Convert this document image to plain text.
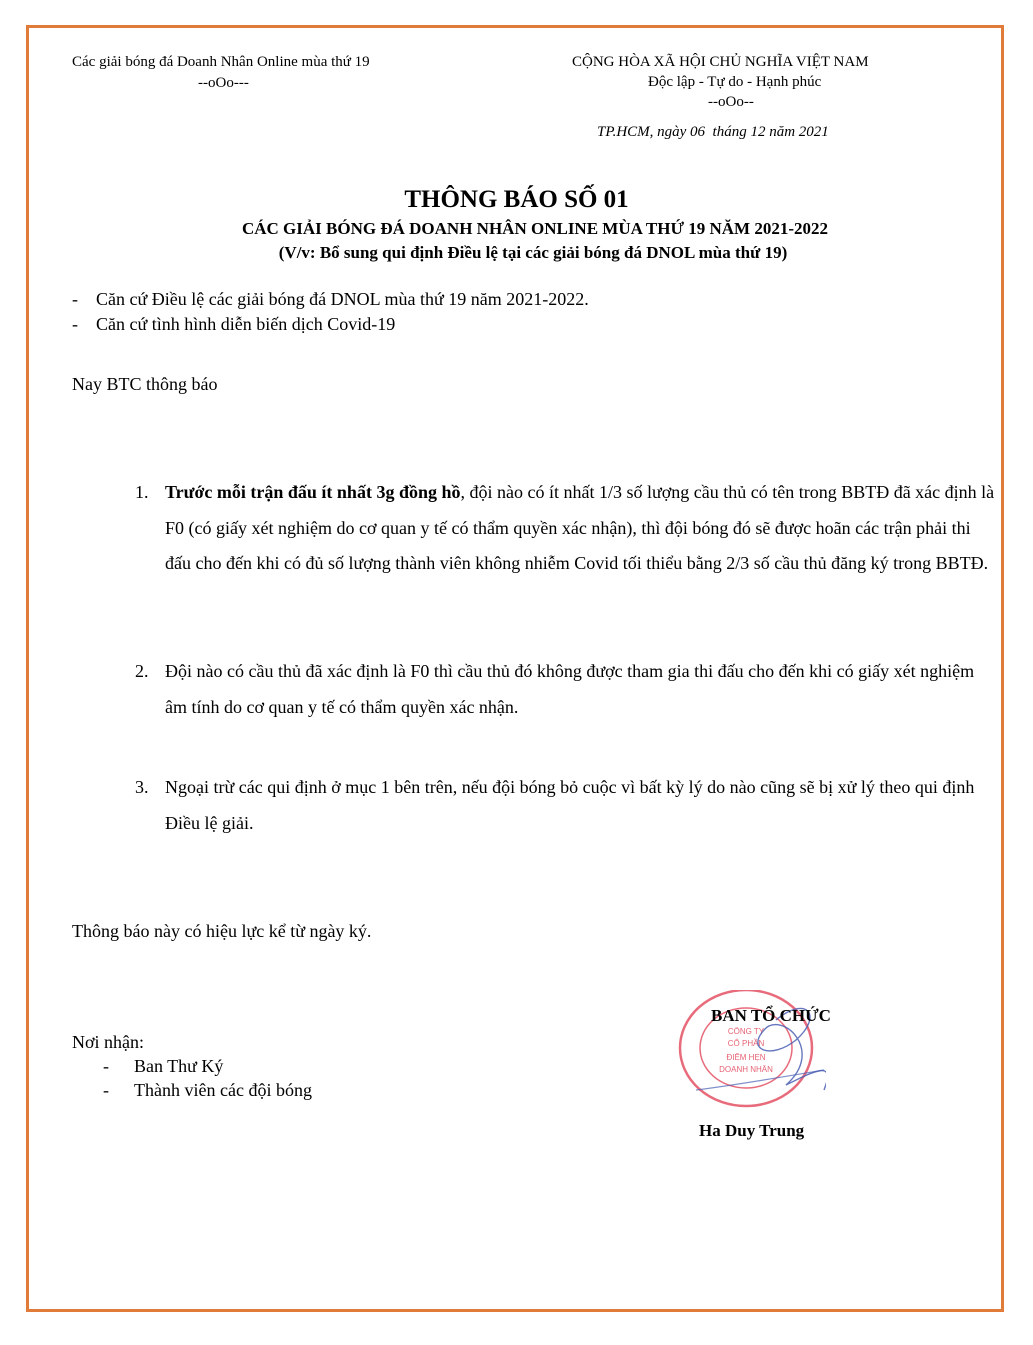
Các giải bóng đá Doanh Nhân Online mùa thứ 19
--oOo---
CỘNG HÒA XÃ HỘI CHỦ NGHĨA VIỆT NAM
Độc lập - Tự do - Hạnh phúc
--oOo--
TP.HCM, ngày 06  tháng 12 năm 2021
THÔNG BÁO SỐ 01
CÁC GIẢI BÓNG ĐÁ DOANH NHÂN ONLINE MÙA THỨ 19 NĂM 2021-2022
(V/v: Bổ sung qui định Điều lệ tại các giải bóng đá DNOL mùa thứ 19)
- Căn cứ Điều lệ các giải bóng đá DNOL mùa thứ 19 năm 2021-2022.
- Căn cứ tình hình diễn biến dịch Covid-19
Nay BTC thông báo
1. Trước mỗi trận đấu ít nhất 3g đồng hồ, đội nào có ít nhất 1/3 số lượng cầu thủ có tên trong BBTĐ đã xác định là F0 (có giấy xét nghiệm do cơ quan y tế có thẩm quyền xác nhận), thì đội bóng đó sẽ được hoãn các trận phải thi đấu cho đến khi có đủ số lượng thành viên không nhiễm Covid tối thiểu bằng 2/3 số cầu thủ đăng ký trong BBTĐ.
2. Đội nào có cầu thủ đã xác định là F0 thì cầu thủ đó không được tham gia thi đấu cho đến khi có giấy xét nghiệm âm tính do cơ quan y tế có thẩm quyền xác nhận.
3. Ngoại trừ các qui định ở mục 1 bên trên, nếu đội bóng bỏ cuộc vì bất kỳ lý do nào cũng sẽ bị xử lý theo qui định Điều lệ giải.
Thông báo này có hiệu lực kể từ ngày ký.
Nơi nhận:
- Ban Thư Ký
- Thành viên các đội bóng
CÔNG TY
CỔ PHẦN
ĐIỂM HẸN
DOANH NHÂN
BAN TỔ CHỨC
Ha Duy Trung
